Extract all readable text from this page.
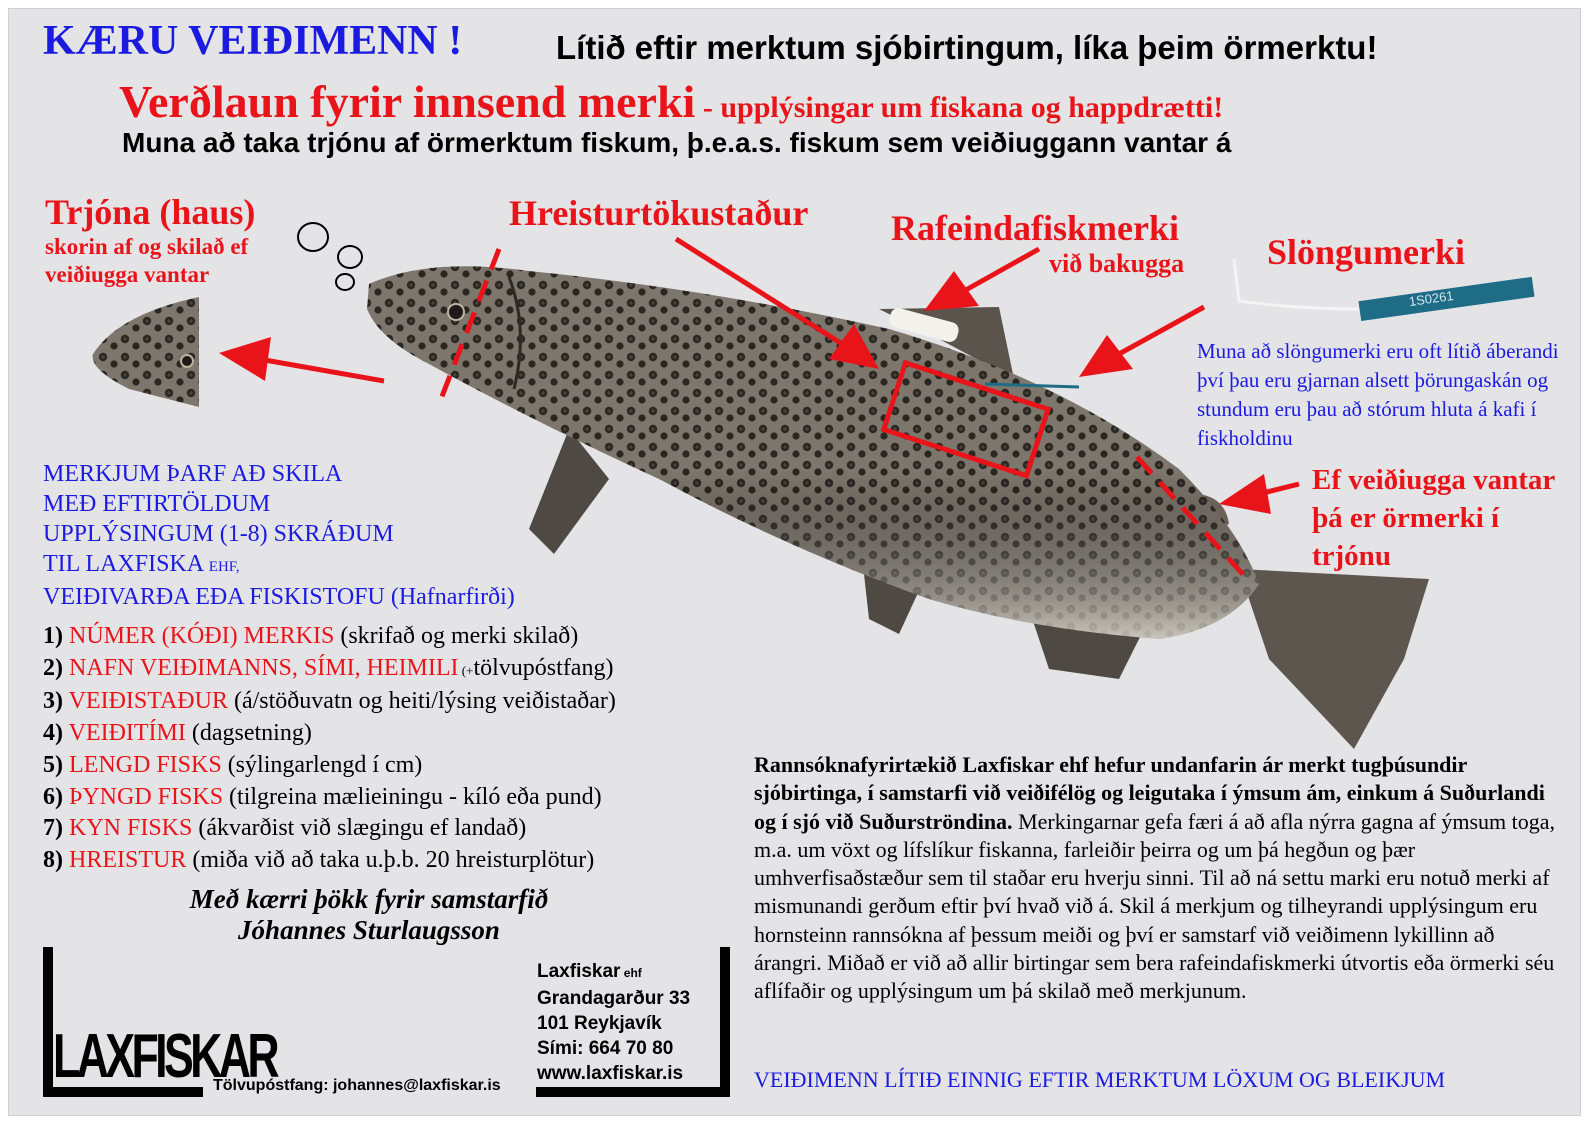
1S0261
KÆRU VEIÐIMENN !	Lítið eftir merktum sjóbirtingum, líka þeim örmerktu!
Verðlaun fyrir innsend merki - upplýsingar um fiskana og happdrætti!
Muna að taka trjónu af örmerktum fiskum, þ.e.a.s. fiskum sem veiðiuggann vantar á
Trjóna (haus)
skorin af og skilað ef veiðiugga vantar
Hreisturtökustaður Rafeindafiskmerki
við bakugga Slöngumerki
Muna að slöngumerki eru oft lítið áberandi því þau eru gjarnan alsett þörungaskán og stundum eru þau að stórum hluta á kafi í fiskholdinu
Ef veiðiugga vantar þá er örmerki í trjónu
MERKJUM ÞARF AÐ SKILA
MEÐ EFTIRTÖLDUM
UPPLÝSINGUM (1-8) SKRÁÐUM
TIL LAXFISKA EHF,
VEIÐIVARÐA EÐA FISKISTOFU (Hafnarfirði)
1) NÚMER (KÓÐI) MERKIS (skrifað og merki skilað)
2) NAFN VEIÐIMANNS, SÍMI, HEIMILI (+tölvupóstfang)
3) VEIÐISTAÐUR (á/stöðuvatn og heiti/lýsing veiðistaðar)
4) VEIÐITÍMI (dagsetning)
5) LENGD FISKS (sýlingarlengd í cm)
6) ÞYNGD FISKS (tilgreina mælieiningu - kíló eða pund)
7) KYN FISKS (ákvarðist við slægingu ef landað)
8) HREISTUR (miða við að taka u.þ.b. 20 hreisturplötur)
Með kærri þökk fyrir samstarfið
Jóhannes Sturlaugsson
LAXFISKAR
Laxfiskar ehf
Grandagarður 33
101 Reykjavík
Sími: 664 70 80
www.laxfiskar.is
Tölvupóstfang: johannes@laxfiskar.is
Rannsóknafyrirtækið Laxfiskar ehf hefur undanfarin ár merkt tugþúsundir sjóbirtinga, í samstarfi við veiðifélög og leigutaka í ýmsum ám, einkum á Suðurlandi og í sjó við Suðurströndina. Merkingarnar gefa færi á að afla nýrra gagna af ýmsum toga, m.a. um vöxt og lífslíkur fiskanna, farleiðir þeirra og um þá hegðun og þær umhverfisaðstæður sem til staðar eru hverju sinni. Til að ná settu marki eru notuð merki af mismunandi gerðum eftir því hvað við á. Skil á merkjum og tilheyrandi upplýsingum eru hornsteinn rannsókna af þessum meiði og því er samstarf við veiðimenn lykillinn að árangri. Miðað er við að allir birtingar sem bera rafeindafiskmerki útvortis eða örmerki séu aflífaðir og upplýsingum um þá skilað með merkjunum.
VEIÐIMENN LÍTIÐ EINNIG EFTIR MERKTUM LÖXUM OG BLEIKJUM
